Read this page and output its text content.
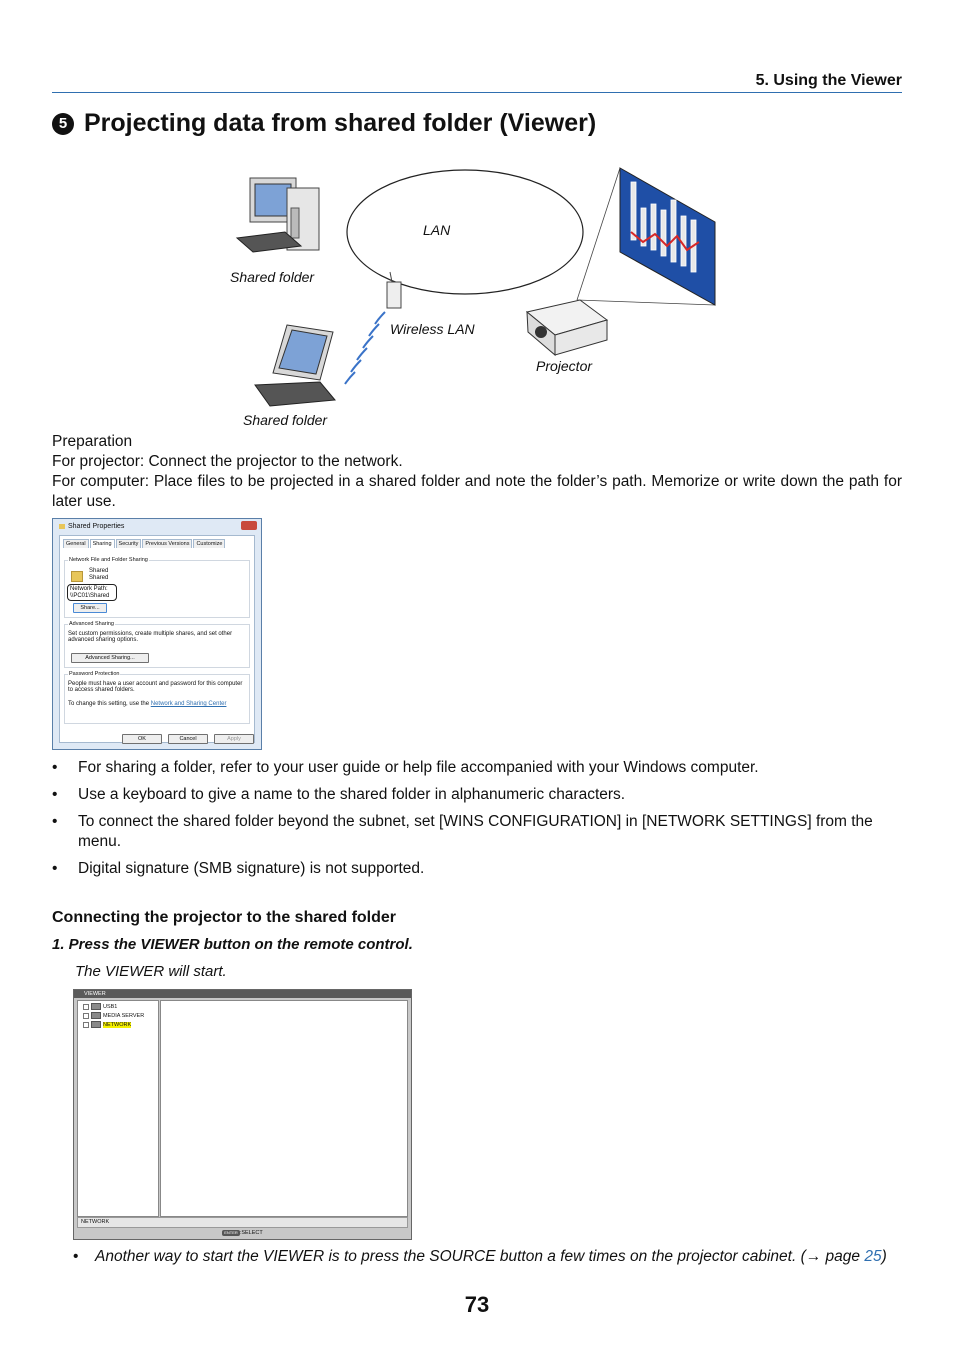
5. Using the Viewer
5 Projecting data from shared folder (Viewer)
LAN
Shared folder
Wireless LAN
Projector
Shared folder

Preparation

For projector: Connect the projector to the network.

For computer: Place files to be projected in a shared folder and note the folder’s path. Memorize or write down the path for later use.

Shared Properties
General	Sharing	Security	Previous Versions	Customize
Network File and Folder Sharing
Shared
Shared
Network Path:
\\PC01\Shared
Share...
Advanced Sharing
Set custom permissions, create multiple shares, and set other advanced sharing options.
Advanced Sharing...
Password Protection
People must have a user account and password for this computer to access shared folders.
To change this setting, use the Network and Sharing Center
OK	Cancel	Apply
• For sharing a folder, refer to your user guide or help file accompanied with your Windows computer.
• Use a keyboard to give a name to the shared folder in alphanumeric characters.
• To connect the shared folder beyond the subnet, set [WINS CONFIGURATION] in [NETWORK SETTINGS] from the menu.
• Digital signature (SMB signature) is not supported.
Connecting the projector to the shared folder
1. Press the VIEWER button on the remote control.
The VIEWER will start.
VIEWER
USB1
MEDIA SERVER
NETWORK
NETWORK
ENTER :SELECT
• Another way to start the VIEWER is to press the SOURCE button a few times on the projector cabinet. (→ page 25)
73
